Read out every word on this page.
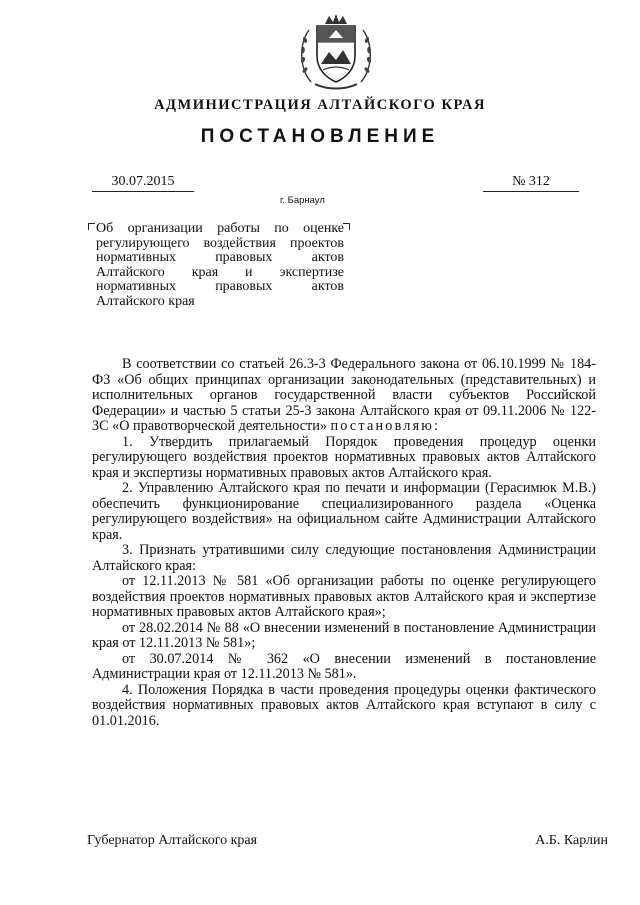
АДМИНИСТРАЦИЯ АЛТАЙСКОГО КРАЯ
ПОСТАНОВЛЕНИЕ
30.07.2015	№ 312
г. Барнаул

Об организации работы по оценке регулирующего воздействия проектов нормативных правовых актов Алтайского края и экспертизе нормативных правовых актов Алтайского края

В соответствии со статьей 26.3-3 Федерального закона от 06.10.1999 № 184-ФЗ «Об общих принципах организации законодательных (представительных) и исполнительных органов государственной власти субъектов Российской Федерации» и частью 5 статьи 25-3 закона Алтайского края от 09.11.2006 № 122-ЗС «О правотворческой деятельности» постановляю:

1. Утвердить прилагаемый Порядок проведения процедур оценки регулирующего воздействия проектов нормативных правовых актов Алтайского края и экспертизы нормативных правовых актов Алтайского края.

2. Управлению Алтайского края по печати и информации (Герасимюк М.В.) обеспечить функционирование специализированного раздела «Оценка регулирующего воздействия» на официальном сайте Администрации Алтайского края.

3. Признать утратившими силу следующие постановления Администрации Алтайского края:

от 12.11.2013 № 581 «Об организации работы по оценке регулирующего воздействия проектов нормативных правовых актов Алтайского края и экспертизе нормативных правовых актов Алтайского края»;

от 28.02.2014 № 88 «О внесении изменений в постановление Администрации края от 12.11.2013 № 581»;

от 30.07.2014 № 362 «О внесении изменений в постановление Администрации края от 12.11.2013 № 581».

4. Положения Порядка в части проведения процедуры оценки фактического воздействия нормативных правовых актов Алтайского края вступают в силу с 01.01.2016.

Губернатор Алтайского края	А.Б. Карлин
